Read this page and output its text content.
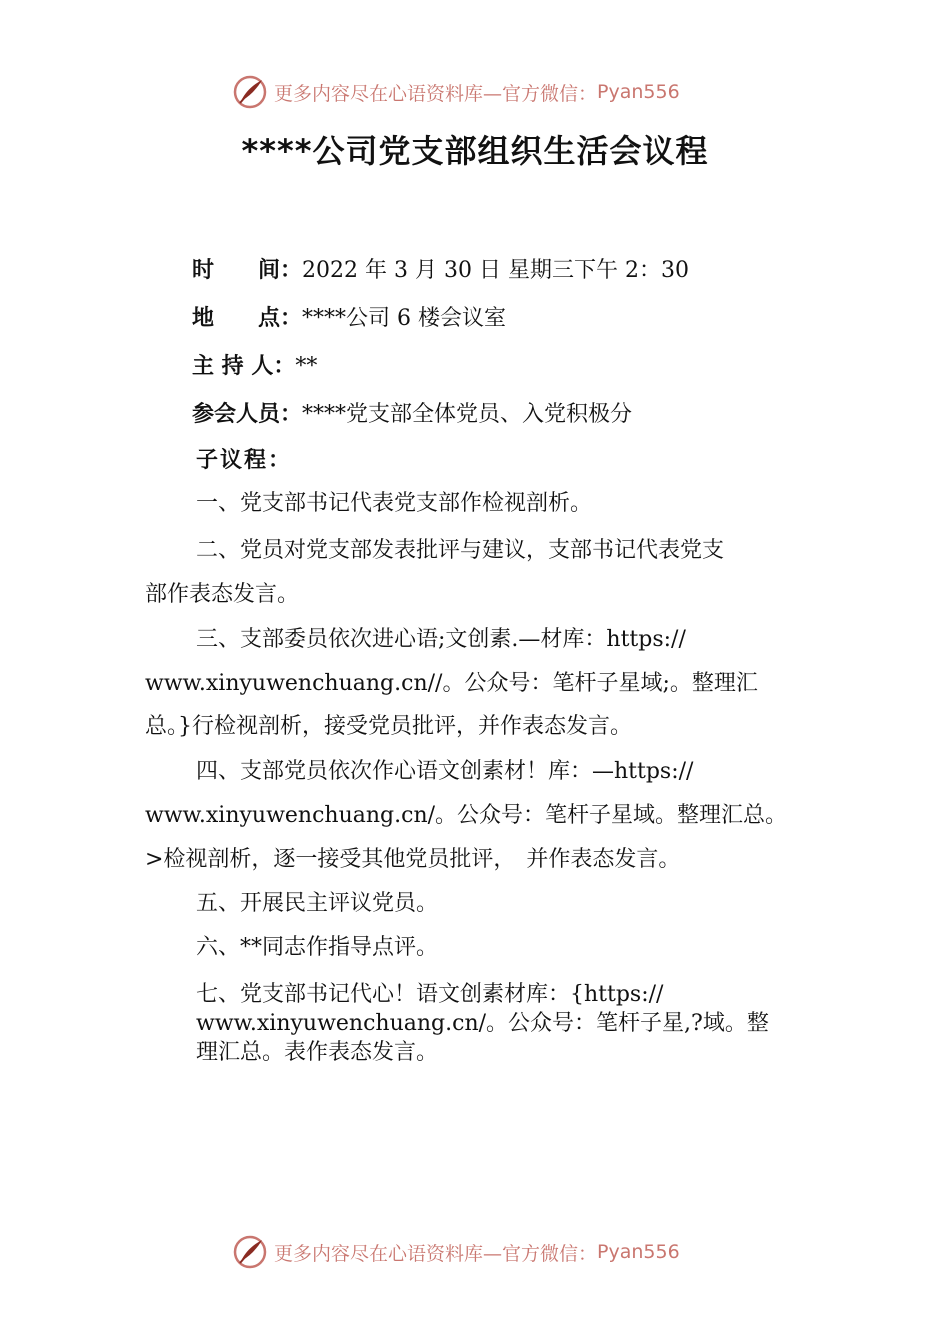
更多内容尽在心语资料库—官方微信： Pyan556
****公司党支部组织生活会议程
时　　间：2022 年 3 月 30 日 星期三下午 2：30
地　　点：****公司 6 楼会议室
主 持 人：**
参会人员：****党支部全体党员、入党积极分
子议程：
一、党支部书记代表党支部作检视剖析。
二、党员对党支部发表批评与建议，支部书记代表党支
部作表态发言。
三、支部委员依次进心语;文创素.—材库：https://
www.xinyuwenchuang.cn//。公众号：笔杆子星域;。整理汇
总。}行检视剖析，接受党员批评，并作表态发言。
四、支部党员依次作心语文创素材！库：—https://
www.xinyuwenchuang.cn/。公众号：笔杆子星域。整理汇总。
>检视剖析，逐一接受其他党员批评，　并作表态发言。
五、开展民主评议党员。
六、**同志作指导点评。
七、党支部书记代心！语文创素材库：{https://
www.xinyuwenchuang.cn/。公众号：笔杆子星,?域。整
理汇总。表作表态发言。
更多内容尽在心语资料库—官方微信： Pyan556
